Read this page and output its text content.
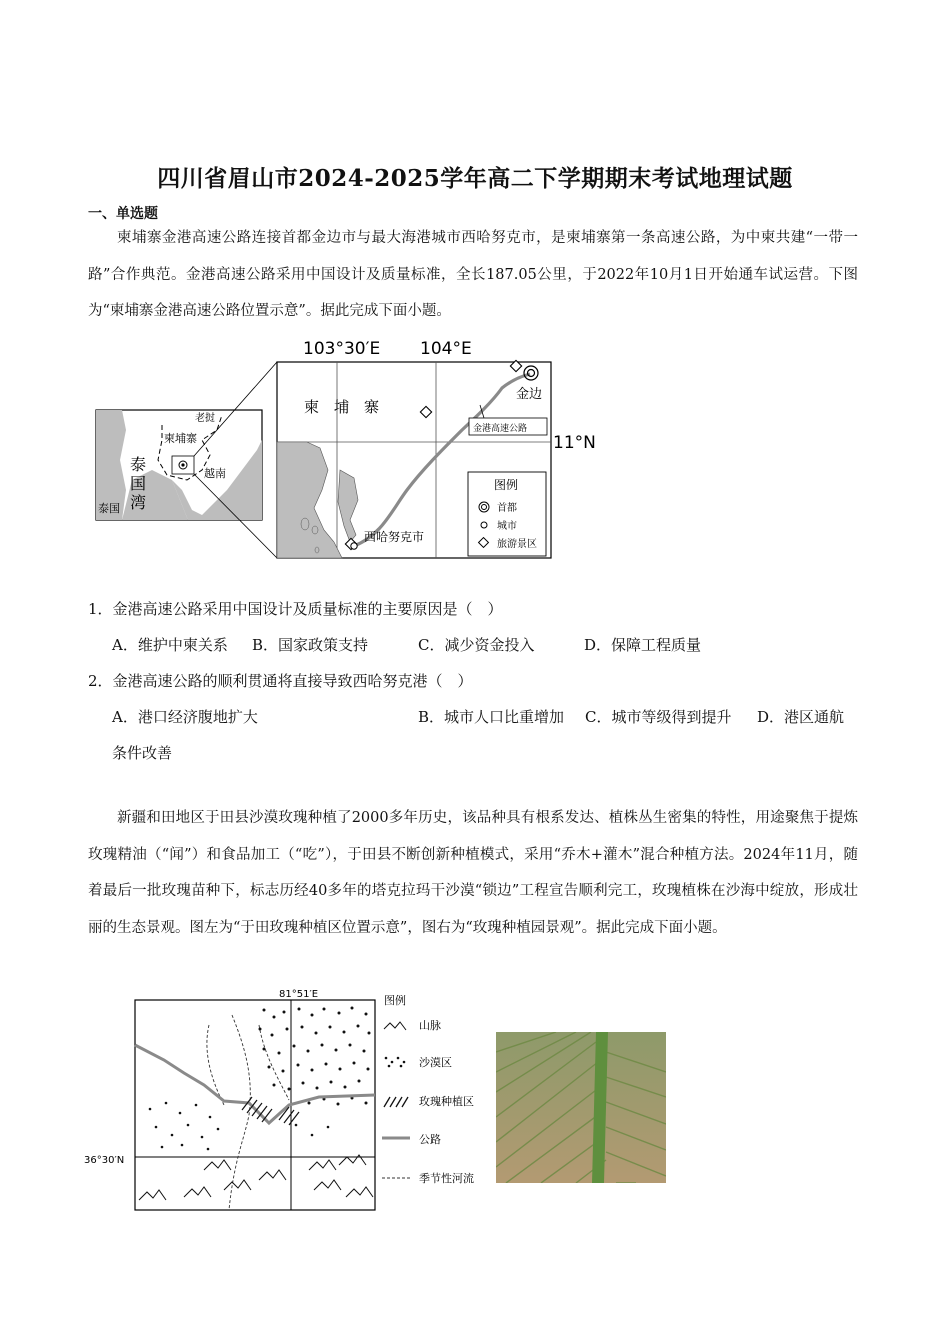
四川省眉山市2024-2025学年高二下学期期末考试地理试题
一、单选题

柬埔寨金港高速公路连接首都金边市与最大海港城市西哈努克市，是柬埔寨第一条高速公路，为中柬共建“一带一路”合作典范。金港高速公路采用中国设计及质量标准，全长187.05公里，于2022年10月1日开始通车试运营。下图为“柬埔寨金港高速公路位置示意”。据此完成下面小题。

老挝
柬埔寨
越南
泰
国
湾
泰国
柬　埔　寨
金边
金港高速公路
西哈努克市
103°30′E 104°E
11°N
图例
首都
城市
旅游景区
1．金港高速公路采用中国设计及质量标准的主要原因是（　）
A．维护中柬关系 B．国家政策支持	C．减少资金投入	D．保障工程质量
2．金港高速公路的顺利贯通将直接导致西哈努克港（　）
A．港口经济腹地扩大	B．城市人口比重增加 C．城市等级得到提升 D．港区通航
条件改善

新疆和田地区于田县沙漠玫瑰种植了2000多年历史，该品种具有根系发达、植株丛生密集的特性，用途聚焦于提炼玫瑰精油（“闻”）和食品加工（“吃”），于田县不断创新种植模式，采用“乔木+灌木”混合种植方法。2024年11月，随着最后一批玫瑰苗种下，标志历经40多年的塔克拉玛干沙漠“锁边”工程宣告顺利完工，玫瑰植株在沙海中绽放，形成壮丽的生态景观。图左为“于田玫瑰种植区位置示意”，图右为“玫瑰种植园景观”。据此完成下面小题。

81°51′E
36°30′N
图例
山脉
沙漠区
玫瑰种植区
公路
季节性河流
